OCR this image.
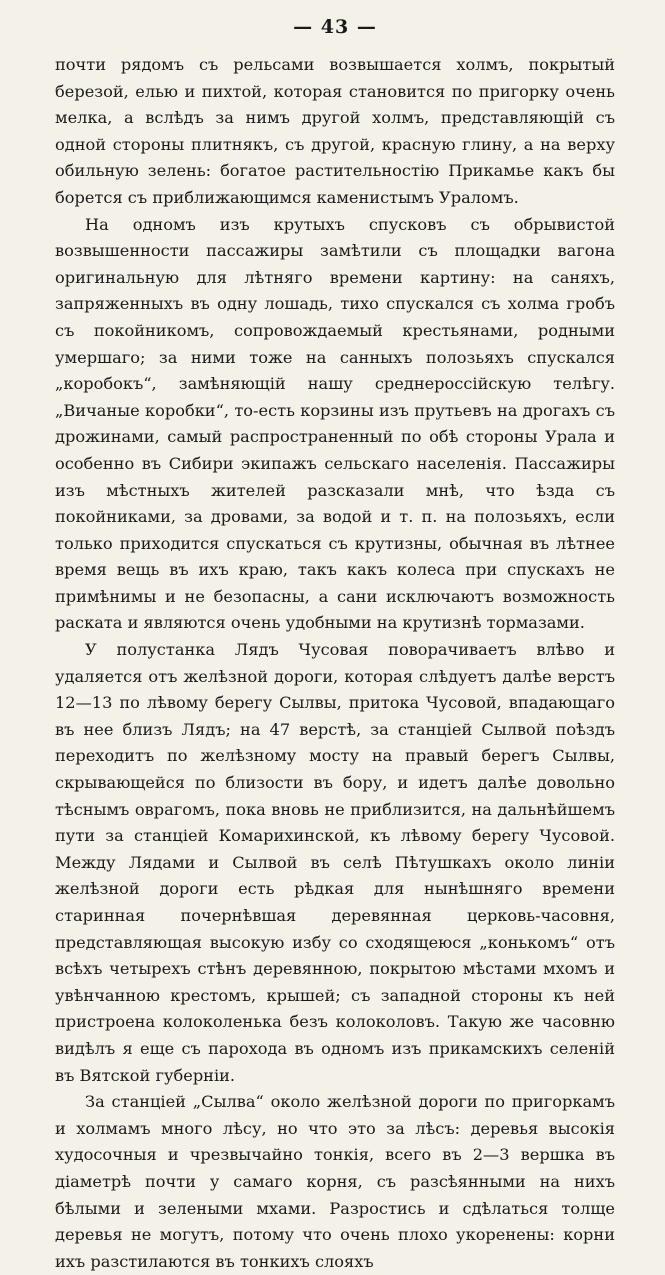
— 43 —

почти рядомъ съ рельсами возвышается холмъ, покрытый березой, елью и пихтой, которая становится по пригорку очень мелка, а вслѣдъ за нимъ другой холмъ, представляющій съ одной стороны плитнякъ, съ другой, красную глину, а на верху обильную зелень: богатое растительностію Прикамье какъ бы борется съ приближающимся каменистымъ Ураломъ.

На одномъ изъ крутыхъ спусковъ съ обрывистой возвышенности пассажиры замѣтили съ площадки вагона оригинальную для лѣтняго времени картину: на саняхъ, запряженныхъ въ одну лошадь, тихо спускался съ холма гробъ съ покойникомъ, сопровождаемый крестьянами, родными умершаго; за ними тоже на санныхъ полозьяхъ спускался „коробокъ“, замѣняющій нашу среднероссійскую телѣгу. „Вичаные коробки“, то-есть корзины изъ прутьевъ на дрогахъ съ дрожинами, самый распространенный по обѣ стороны Урала и особенно въ Сибири экипажъ сельскаго населенія. Пассажиры изъ мѣстныхъ жителей разсказали мнѣ, что ѣзда съ покойниками, за дровами, за водой и т. п. на полозьяхъ, если только приходится спускаться съ крутизны, обычная въ лѣтнее время вещь въ ихъ краю, такъ какъ колеса при спускахъ не примѣнимы и не безопасны, а сани исключаютъ возможность раската и являются очень удобными на крутизнѣ тормазами.

У полустанка Лядъ Чусовая поворачиваетъ влѣво и удаляется отъ желѣзной дороги, которая слѣдуетъ далѣе верстъ 12—13 по лѣвому берегу Сылвы, притока Чусовой, впадающаго въ нее близъ Лядъ; на 47 верстѣ, за станціей Сылвой поѣздъ переходитъ по желѣзному мосту на правый берегъ Сылвы, скрывающейся по близости въ бору, и идетъ далѣе довольно тѣснымъ оврагомъ, пока вновь не приблизится, на дальнѣйшемъ пути за станціей Комарихинской, къ лѣвому берегу Чусовой. Между Лядами и Сылвой въ селѣ Пѣтушкахъ около линіи желѣзной дороги есть рѣдкая для нынѣшняго времени старинная почернѣвшая деревянная церковь-часовня, представляющая высокую избу со сходящеюся „конькомъ“ отъ всѣхъ четырехъ стѣнъ деревянною, покрытою мѣстами мхомъ и увѣнчанною крестомъ, крышей; съ западной стороны къ ней пристроена колоколенька безъ колоколовъ. Такую же часовню видѣлъ я еще съ парохода въ одномъ изъ прикамскихъ селеній въ Вятской губерніи.

За станціей „Сылва“ около желѣзной дороги по пригоркамъ и холмамъ много лѣсу, но что это за лѣсъ: деревья высокія худосочныя и чрезвычайно тонкія, всего въ 2—3 вершка въ діаметрѣ почти у самаго корня, съ разсѣянными на нихъ бѣлыми и зелеными мхами. Разростись и сдѣлаться толще деревья не могутъ, потому что очень плохо укоренены: корни ихъ разстилаются въ тонкихъ слояхъ
